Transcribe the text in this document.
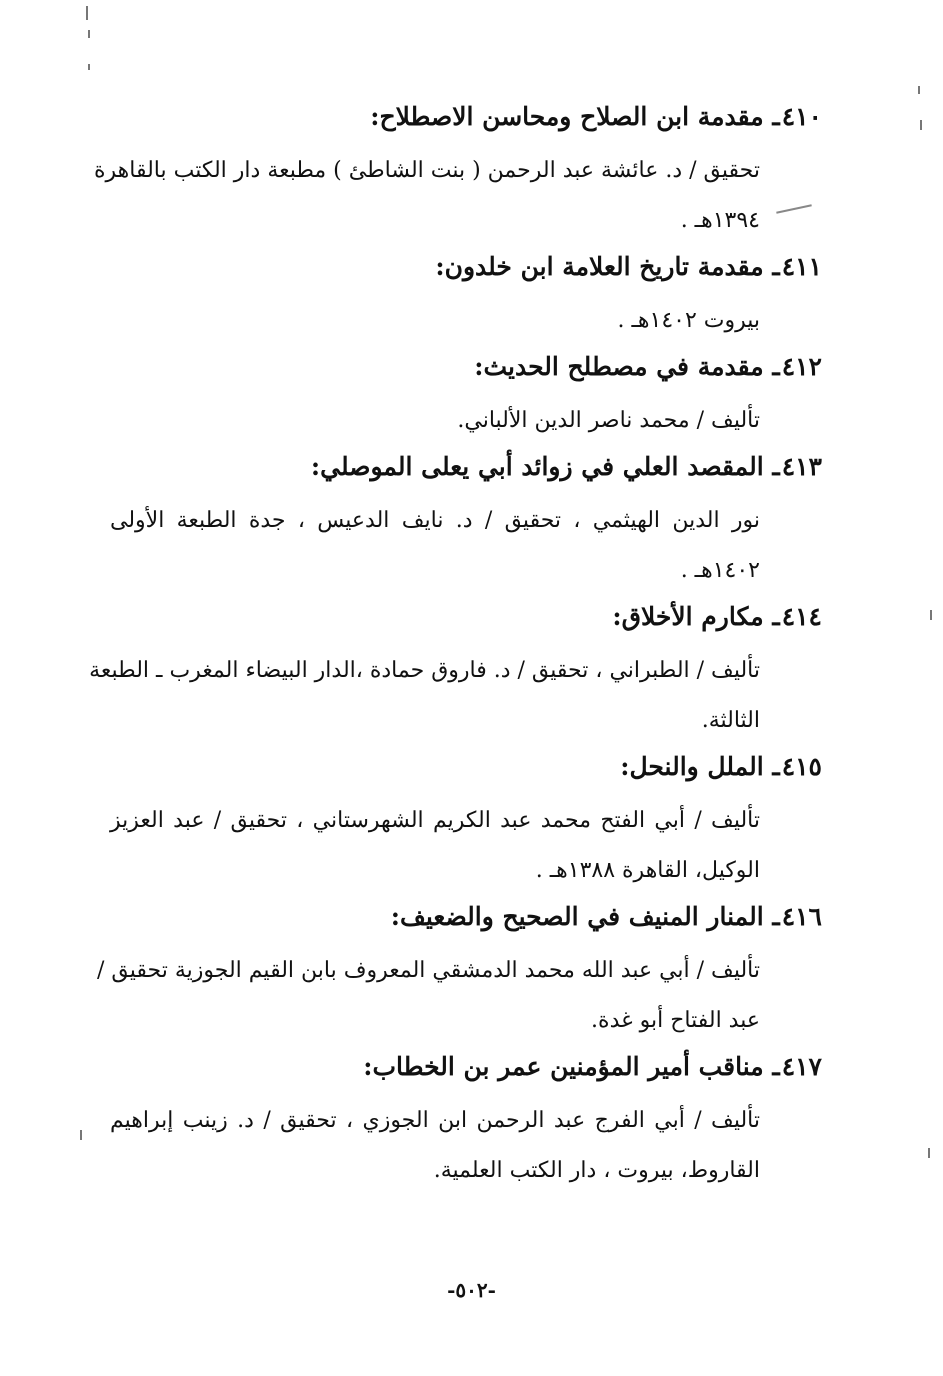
٤١٠ـ مقدمة ابن الصلاح ومحاسن الاصطلاح:
تحقيق / د. عائشة عبد الرحمن ( بنت الشاطئ ) مطبعة دار الكتب بالقاهرة
١٣٩٤هـ .
٤١١ـ مقدمة تاريخ العلامة ابن خلدون:
بيروت ١٤٠٢هـ .
٤١٢ـ مقدمة في مصطلح الحديث:
تأليف / محمد ناصر الدين الألباني.
٤١٣ـ المقصد العلي في زوائد أبي يعلى الموصلي:
نور الدين الهيثمي ، تحقيق / د. نايف الدعيس ، جدة الطبعة الأولى
١٤٠٢هـ .
٤١٤ـ مكارم الأخلاق:
تأليف / الطبراني ، تحقيق / د. فاروق حمادة ،الدار البيضاء المغرب ـ الطبعة
الثالثة.
٤١٥ـ الملل والنحل:
تأليف / أبي الفتح محمد عبد الكريم الشهرستاني ، تحقيق / عبد العزيز
الوكيل، القاهرة ١٣٨٨هـ .
٤١٦ـ المنار المنيف في الصحيح والضعيف:
تأليف / أبي عبد الله محمد الدمشقي المعروف بابن القيم الجوزية تحقيق /
عبد الفتاح أبو غدة.
٤١٧ـ مناقب أمير المؤمنين عمر بن الخطاب:
تأليف / أبي الفرج عبد الرحمن ابن الجوزي ، تحقيق / د. زينب إبراهيم
القاروط، بيروت ، دار الكتب العلمية.
-٥٠٢-
